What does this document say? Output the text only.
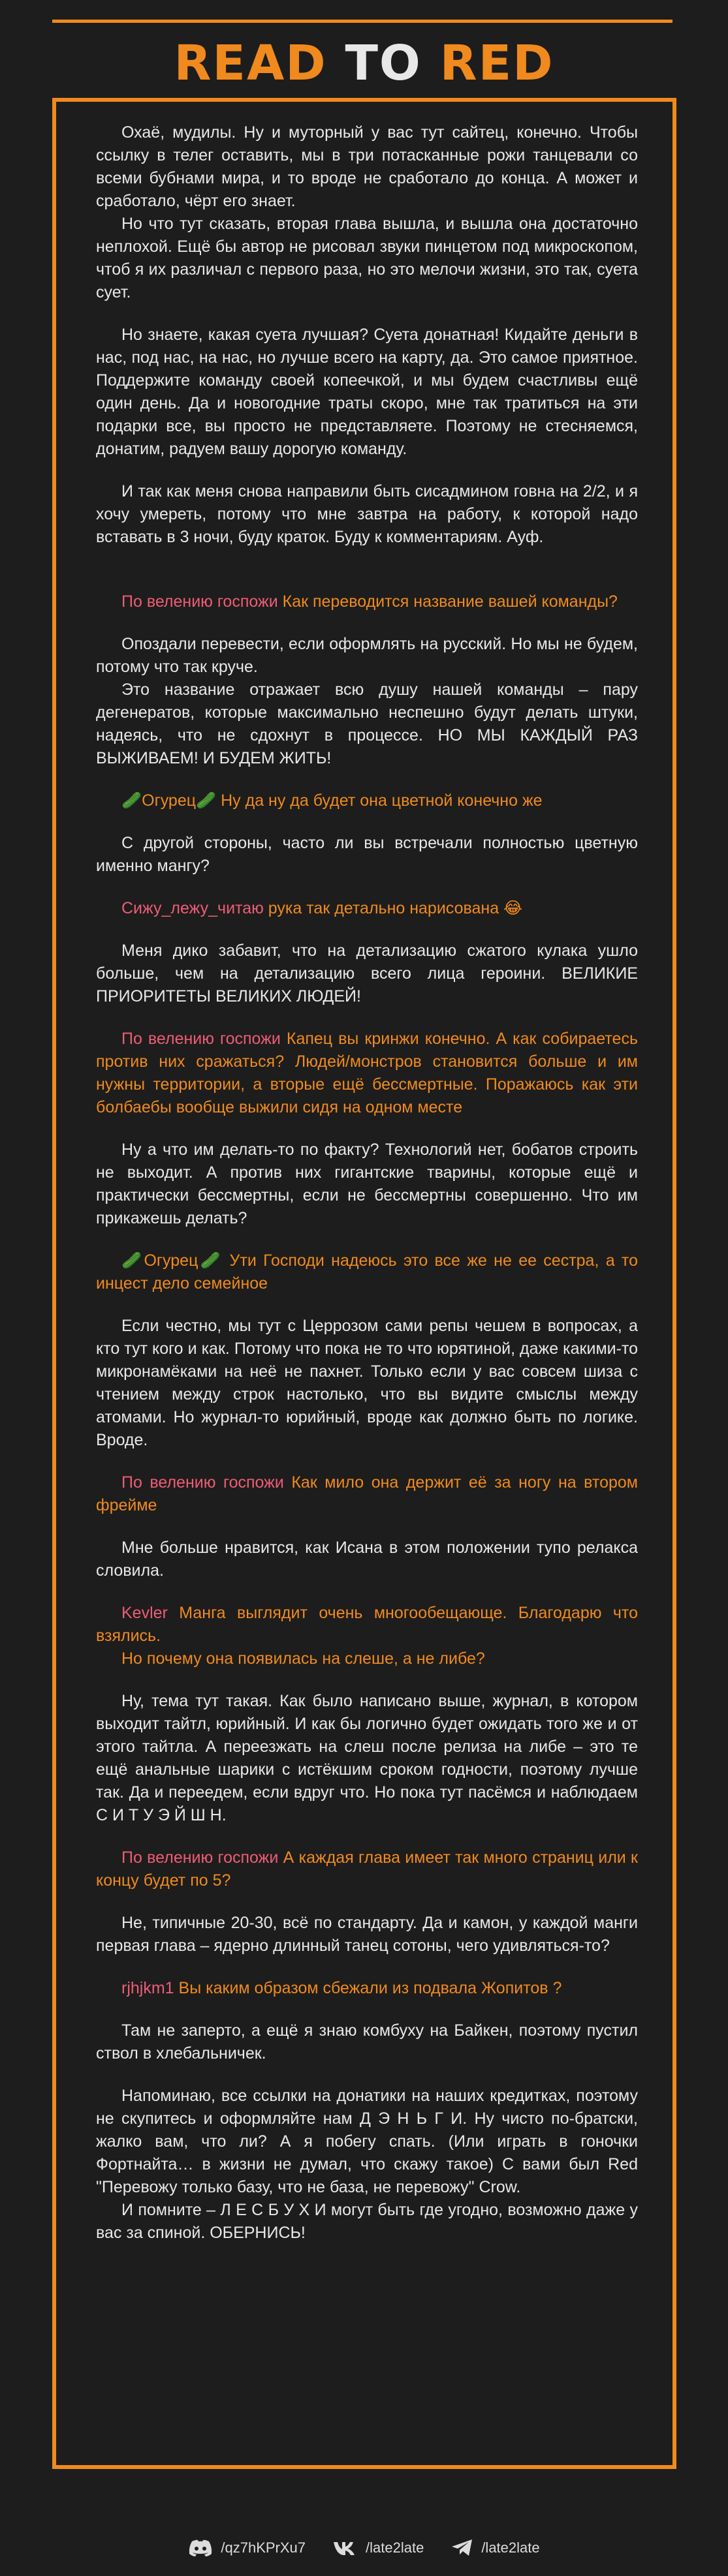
READ TO RED

Охаё, мудилы. Ну и муторный у вас тут сайтец, конечно. Чтобы ссылку в телег оставить, мы в три потасканные рожи танцевали со всеми бубнами мира, и то вроде не сработало до конца. А может и сработало, чёрт его знает.

Но что тут сказать, вторая глава вышла, и вышла она достаточно неплохой. Ещё бы автор не рисовал звуки пинцетом под микроскопом, чтоб я их различал с первого раза, но это мелочи жизни, это так, суета сует.

Но знаете, какая суета лучшая? Суета донатная! Кидайте деньги в нас, под нас, на нас, но лучше всего на карту, да. Это самое приятное. Поддержите команду своей копеечкой, и мы будем счастливы ещё один день. Да и новогодние траты скоро, мне так тратиться на эти подарки все, вы просто не представляете. Поэтому не стесняемся, донатим, радуем вашу дорогую команду.

И так как меня снова направили быть сисадмином говна на 2/2, и я хочу умереть, потому что мне завтра на работу, к которой надо вставать в 3 ночи, буду краток. Буду к комментариям. Ауф.

По велению госпожи Как переводится название вашей команды?

Опоздали перевести, если оформлять на русский. Но мы не будем, потому что так круче.

Это название отражает всю душу нашей команды – пару дегенератов, которые максимально неспешно будут делать штуки, надеясь, что не сдохнут в процессе. НО МЫ КАЖДЫЙ РАЗ ВЫЖИВАЕМ! И БУДЕМ ЖИТЬ!

🥒Огурец🥒 Ну да ну да будет она цветной конечно же

С другой стороны, часто ли вы встречали полностью цветную именно мангу?

Сижу_лежу_читаю рука так детально нарисована 😂

Меня дико забавит, что на детализацию сжатого кулака ушло больше, чем на детализацию всего лица героини. ВЕЛИКИЕ ПРИОРИТЕТЫ ВЕЛИКИХ ЛЮДЕЙ!

По велению госпожи Капец вы кринжи конечно. А как собираетесь против них сражаться? Людей/монстров становится больше и им нужны территории, а вторые ещё бессмертные. Поражаюсь как эти болбаебы вообще выжили сидя на одном месте

Ну а что им делать-то по факту? Технологий нет, бобатов строить не выходит. А против них гигантские тварины, которые ещё и практически бессмертны, если не бессмертны совершенно. Что им прикажешь делать?

🥒Огурец🥒 Ути Господи надеюсь это все же не ее сестра, а то инцест дело семейное

Если честно, мы тут с Церрозом сами репы чешем в вопросах, а кто тут кого и как. Потому что пока не то что юрятиной, даже какими-то микронамёками на неё не пахнет. Только если у вас совсем шиза с чтением между строк настолько, что вы видите смыслы между атомами. Но журнал-то юрийный, вроде как должно быть по логике. Вроде.

По велению госпожи Как мило она держит её за ногу на втором фрейме

Мне больше нравится, как Исана в этом положении тупо релакса словила.

Kevler Манга выглядит очень многообещающе. Благодарю что взялись.

Но почему она появилась на слеше, а не либе?

Ну, тема тут такая. Как было написано выше, журнал, в котором выходит тайтл, юрийный. И как бы логично будет ожидать того же и от этого тайтла. А переезжать на слеш после релиза на либе – это те ещё анальные шарики с истёкшим сроком годности, поэтому лучше так. Да и переедем, если вдруг что. Но пока тут пасёмся и наблюдаем С И Т У Э Й Ш Н.

По велению госпожи А каждая глава имеет так много страниц или к концу будет по 5?

Не, типичные 20-30, всё по стандарту. Да и камон, у каждой манги первая глава – ядерно длинный танец сотоны, чего удивляться-то?

rjhjkm1 Вы каким образом сбежали из подвала Жопитов ?

Там не заперто, а ещё я знаю комбуху на Байкен, поэтому пустил ствол в хлебальничек.

Напоминаю, все ссылки на донатики на наших кредитках, поэтому не скупитесь и оформляйте нам Д Э Н Ь Г И. Ну чисто по-братски, жалко вам, что ли? А я побегу спать. (Или играть в гоночки Фортнайта… в жизни не думал, что скажу такое) С вами был Red "Перевожу только базу, что не база, не перевожу" Crow.

И помните – Л Е С Б У Х И могут быть где угодно, возможно даже у вас за спиной. ОБЕРНИСЬ!

/qz7hKPrXu7	/late2late	/late2late
